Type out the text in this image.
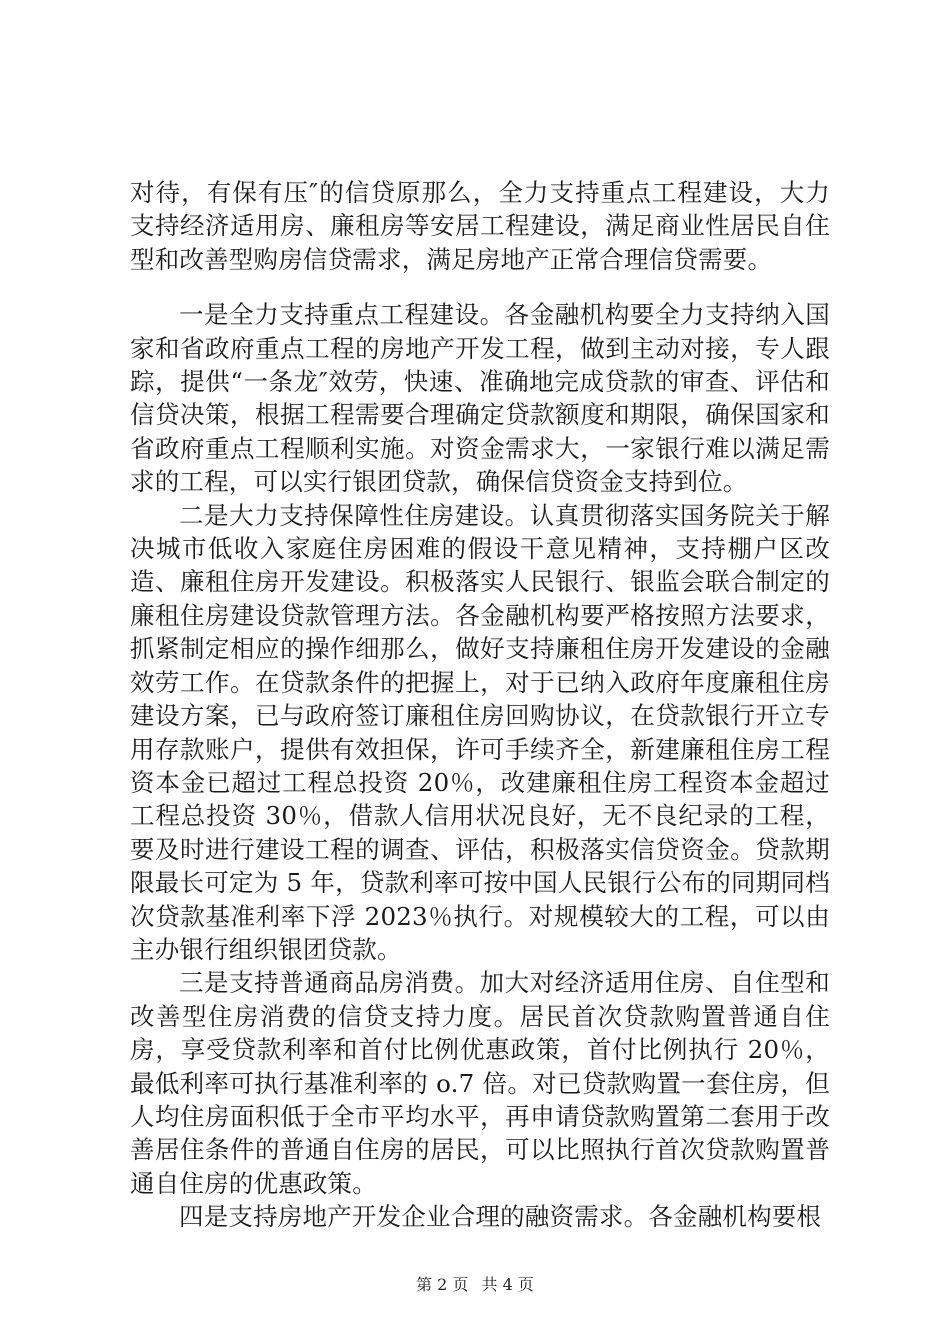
对待，有保有压″的信贷原那么，全力支持重点工程建设，大力支持经济适用房、廉租房等安居工程建设，满足商业性居民自住型和改善型购房信贷需求，满足房地产正常合理信贷需要。

一是全力支持重点工程建设。各金融机构要全力支持纳入国家和省政府重点工程的房地产开发工程，做到主动对接，专人跟踪，提供“一条龙″效劳，快速、准确地完成贷款的审查、评估和信贷决策，根据工程需要合理确定贷款额度和期限，确保国家和省政府重点工程顺利实施。对资金需求大，一家银行难以满足需求的工程，可以实行银团贷款，确保信贷资金支持到位。

二是大力支持保障性住房建设。认真贯彻落实国务院关于解决城市低收入家庭住房困难的假设干意见精神，支持棚户区改造、廉租住房开发建设。积极落实人民银行、银监会联合制定的廉租住房建设贷款管理方法。各金融机构要严格按照方法要求，抓紧制定相应的操作细那么，做好支持廉租住房开发建设的金融效劳工作。在贷款条件的把握上，对于已纳入政府年度廉租住房建设方案，已与政府签订廉租住房回购协议，在贷款银行开立专用存款账户，提供有效担保，许可手续齐全，新建廉租住房工程资本金已超过工程总投资 20％，改建廉租住房工程资本金超过工程总投资 30％，借款人信用状况良好，无不良纪录的工程，要及时进行建设工程的调查、评估，积极落实信贷资金。贷款期限最长可定为 5 年，贷款利率可按中国人民银行公布的同期同档次贷款基准利率下浮 2023％执行。对规模较大的工程，可以由主办银行组织银团贷款。

三是支持普通商品房消费。加大对经济适用住房、自住型和改善型住房消费的信贷支持力度。居民首次贷款购置普通自住房，享受贷款利率和首付比例优惠政策，首付比例执行 20％，最低利率可执行基准利率的 o.7 倍。对已贷款购置一套住房，但人均住房面积低于全市平均水平，再申请贷款购置第二套用于改善居住条件的普通自住房的居民，可以比照执行首次贷款购置普通自住房的优惠政策。

四是支持房地产开发企业合理的融资需求。各金融机构要根

第 2 页 共 4 页
